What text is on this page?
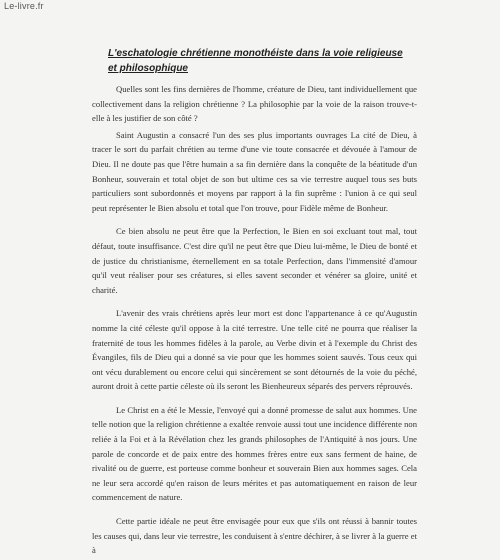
Le-livre.fr
L'eschatologie chrétienne monothéiste dans la voie religieuse et philosophique

Quelles sont les fins dernières de l'homme, créature de Dieu, tant individuellement que collectivement dans la religion chrétienne ? La philosophie par la voie de la raison trouve-t-elle à les justifier de son côté ?

Saint Augustin a consacré l'un des ses plus importants ouvrages La cité de Dieu, à tracer le sort du parfait chrétien au terme d'une vie toute consacrée et dévouée à l'amour de Dieu. Il ne doute pas que l'être humain a sa fin dernière dans la conquête de la béatitude d'un Bonheur, souverain et total objet de son but ultime ces sa vie terrestre auquel tous ses buts particuliers sont subordonnés et moyens par rapport à la fin suprême : l'union à ce qui seul peut représenter le Bien absolu et total que l'on trouve, pour Fidèle même de Bonheur.

Ce bien absolu ne peut être que la Perfection, le Bien en soi excluant tout mal, tout défaut, toute insuffisance. C'est dire qu'il ne peut être que Dieu lui-même, le Dieu de bonté et de justice du christianisme, éternellement en sa totale Perfection, dans l'immensité d'amour qu'il veut réaliser pour ses créatures, si elles savent seconder et vénérer sa gloire, unité et charité.

L'avenir des vrais chrétiens après leur mort est donc l'appartenance à ce qu'Augustin nomme la cité céleste qu'il oppose à la cité terrestre. Une telle cité ne pourra que réaliser la fraternité de tous les hommes fidèles à la parole, au Verbe divin et à l'exemple du Christ des Évangiles, fils de Dieu qui a donné sa vie pour que les hommes soient sauvés. Tous ceux qui ont vécu durablement ou encore celui qui sincèrement se sont détournés de la voie du péché, auront droit à cette partie céleste où ils seront les Bienheureux séparés des pervers réprouvés.

Le Christ en a été le Messie, l'envoyé qui a donné promesse de salut aux hommes. Une telle notion que la religion chrétienne a exaltée renvoie aussi tout une incidence différente non reliée à la Foi et à la Révélation chez les grands philosophes de l'Antiquité à nos jours. Une parole de concorde et de paix entre des hommes frères entre eux sans ferment de haine, de rivalité ou de guerre, est porteuse comme bonheur et souverain Bien aux hommes sages. Cela ne leur sera accordé qu'en raison de leurs mérites et pas automatiquement en raison de leur commencement de nature.

Cette partie idéale ne peut être envisagée pour eux que s'ils ont réussi à bannir toutes les causes qui, dans leur vie terrestre, les conduisent à s'entre déchirer, à se livrer à la guerre et à
